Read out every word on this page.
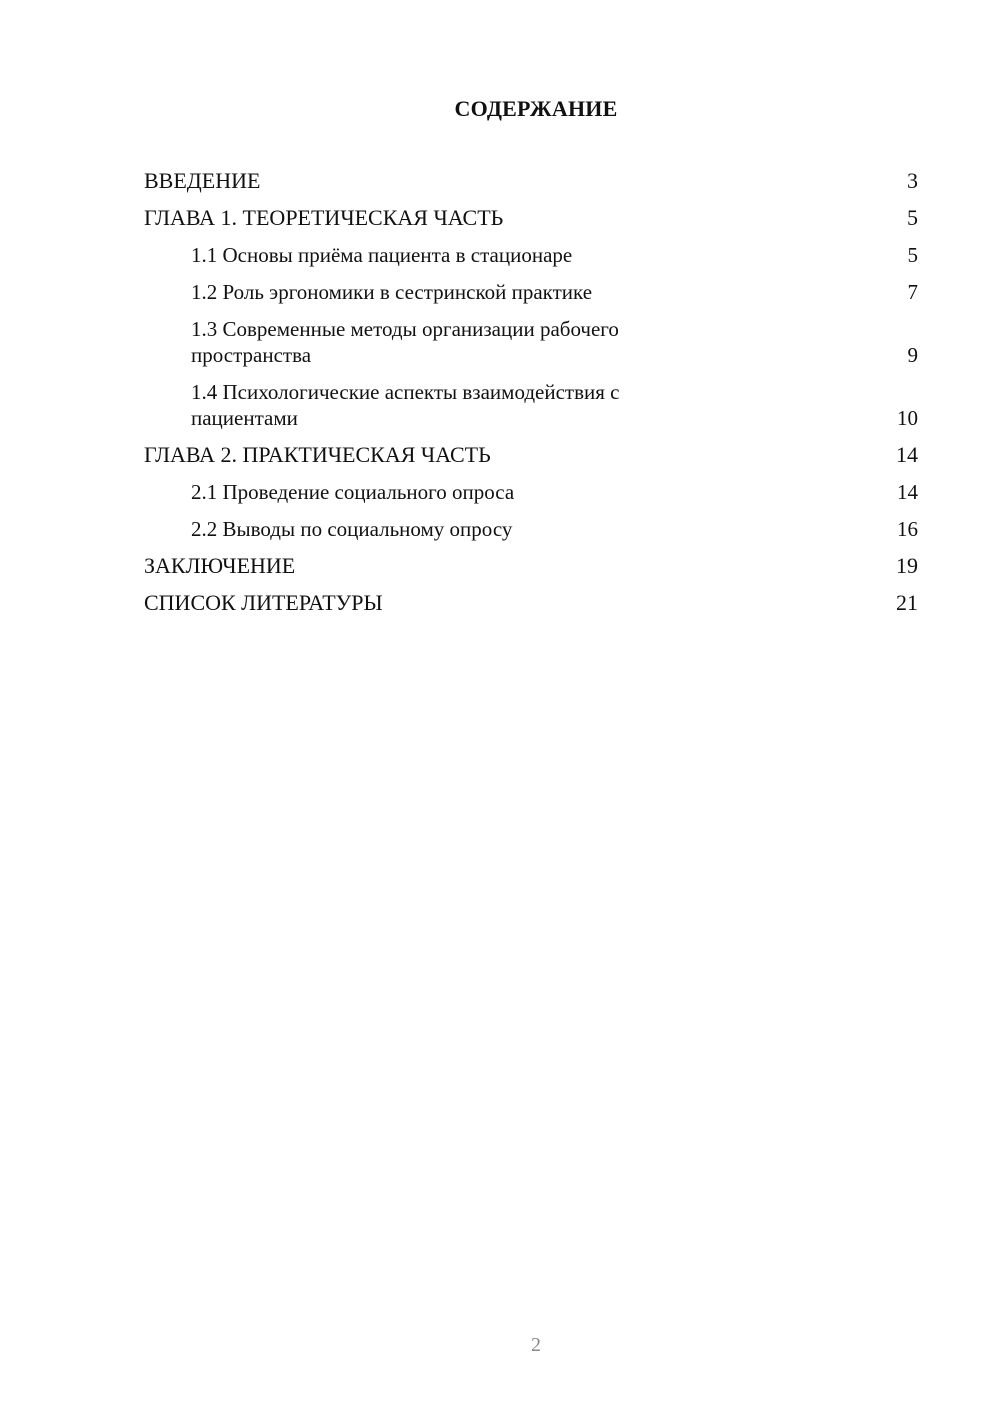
СОДЕРЖАНИЕ
ВВЕДЕНИЕ	3
ГЛАВА 1. ТЕОРЕТИЧЕСКАЯ ЧАСТЬ	5
1.1 Основы приёма пациента в стационаре	5
1.2 Роль эргономики в сестринской практике	7
1.3 Современные методы организации рабочего пространства	9
1.4 Психологические аспекты взаимодействия с пациентами	10
ГЛАВА 2. ПРАКТИЧЕСКАЯ ЧАСТЬ	14
2.1 Проведение социального опроса	14
2.2 Выводы по социальному опросу	16
ЗАКЛЮЧЕНИЕ	19
СПИСОК ЛИТЕРАТУРЫ	21
2
